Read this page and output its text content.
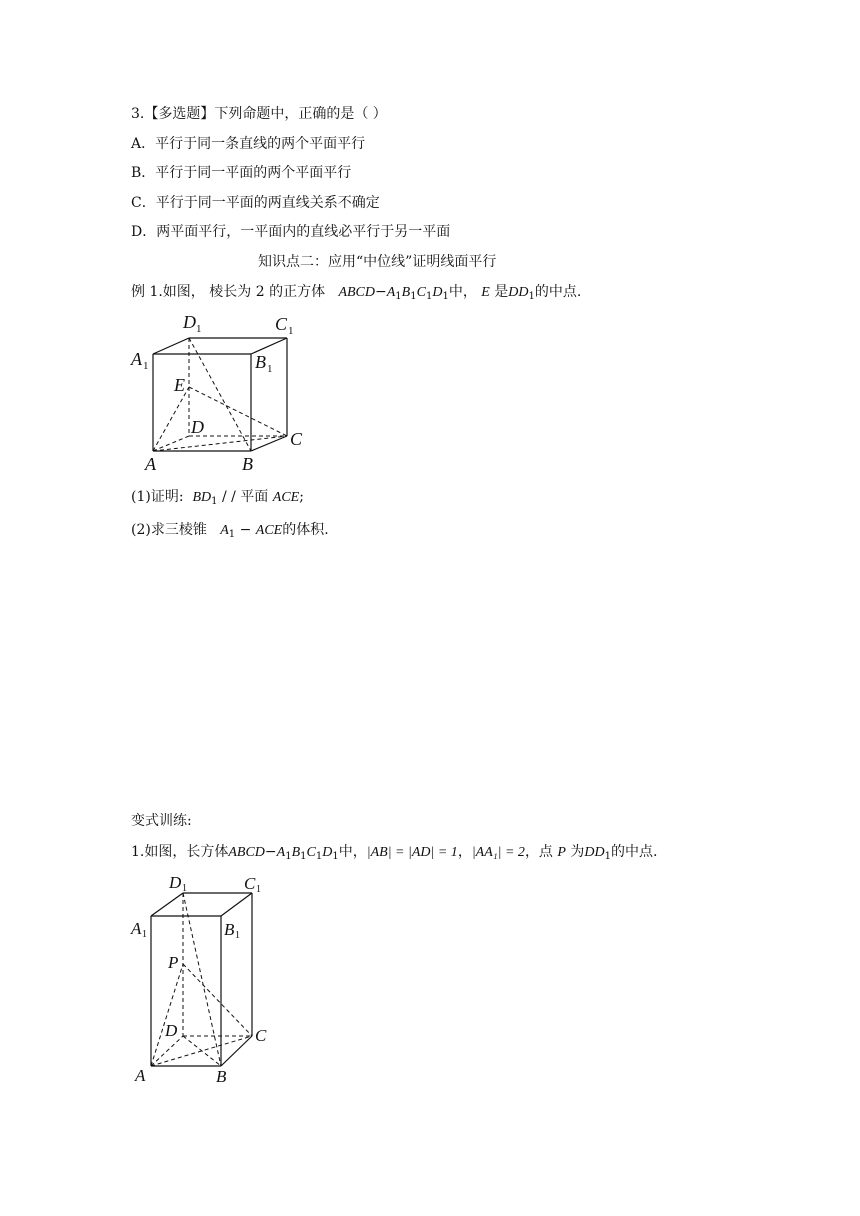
3.【多选题】下列命题中，正确的是（ ）
A．平行于同一条直线的两个平面平行
B．平行于同一平面的两个平面平行
C．平行于同一平面的两直线关系不确定
D．两平面平行，一平面内的直线必平行于另一平面
知识点二：应用“中位线”证明线面平行
例 1.如图， 棱长为 2 的正方体 $ABCD-A_1B_1C_1D_1$中， E 是$DD_1$的中点.
D 1	C 1
A 1	B 1
E
D
C
A	B
(1)证明: $BD_1$ / / 平面 ACE;
(2)求三棱锥 $A_1$ − ACE的体积.
变式训练:
1.如图，长方体$ABCD-A_1B_1C_1D_1$中，|AB| = |AD| = 1，|AA₁| = 2，点 P 为$DD_1$的中点.
D 1	C 1
A 1	B 1
P
D	C
A	B
